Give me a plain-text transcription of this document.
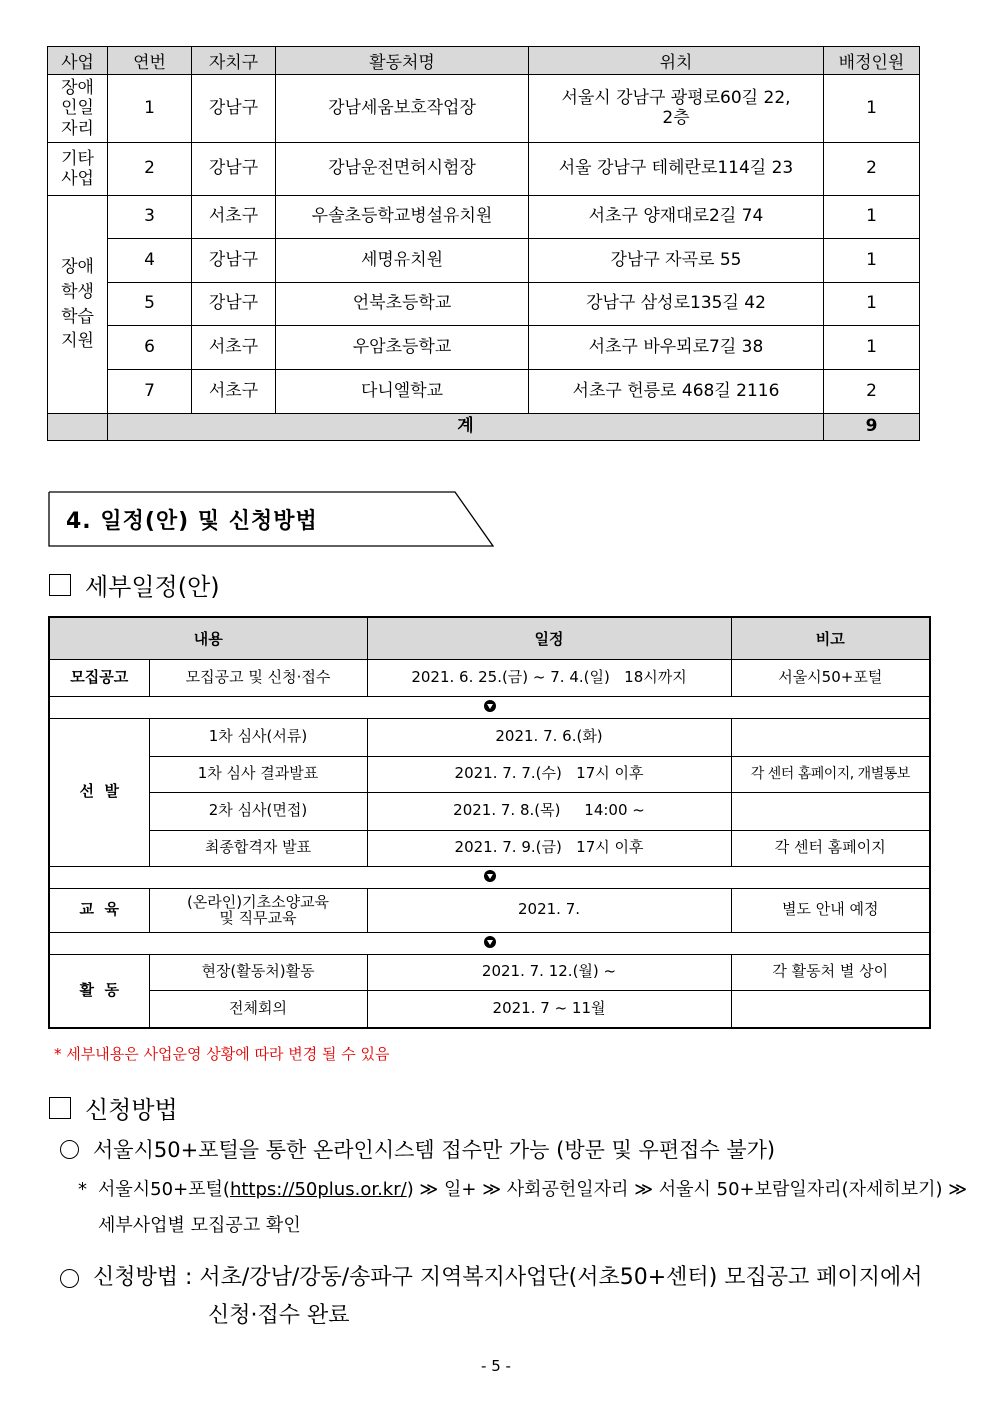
사업	연번	자치구	활동처명	위치	배정인원
장애
인일
자리	1	강남구	강남세움보호작업장	서울시 강남구 광평로60길 22, 2층	1
기타
사업	2	강남구	강남운전면허시험장	서울 강남구 테헤란로114길 23	2
장애
학생
학습
지원	3	서초구	우솔초등학교병설유치원	서초구 양재대로2길 74	1
	4	강남구	세명유치원	강남구 자곡로 55	1
	5	강남구	언북초등학교	강남구 삼성로135길 42	1
	6	서초구	우암초등학교	서초구 바우뫼로7길 38	1
	7	서초구	다니엘학교	서초구 헌릉로 468길 2116	2
	계				9
4. 일정(안) 및 신청방법
세부일정(안)
내용		일정	비고
모집공고	모집공고 및 신청·접수	2021. 6. 25.(금) ~ 7. 4.(일)   18시까지	서울시50+포털

선  발	1차 심사(서류)	2021. 7. 6.(화)	
	1차 심사 결과발표	2021. 7. 7.(수)   17시 이후	각 센터 홈페이지, 개별통보
	2차 심사(면접)	2021. 7. 8.(목)     14:00 ~	
	최종합격자 발표	2021. 7. 9.(금)   17시 이후	각 센터 홈페이지

교  육	(온라인)기초소양교육
및 직무교육	2021. 7.	별도 안내 예정

활  동	현장(활동처)활동	2021. 7. 12.(월) ~	각 활동처 별 상이
	전체회의	2021. 7 ~ 11월	
* 세부내용은 사업운영 상황에 따라 변경 될 수 있음
신청방법
서울시50+포털을 통한 온라인시스템 접수만 가능 (방문 및 우편접수 불가)
* 서울시50+포털(https://50plus.or.kr/) ≫ 일+ ≫ 사회공헌일자리 ≫ 서울시 50+보람일자리(자세히보기) ≫
세부사업별 모집공고 확인
신청방법 : 서초/강남/강동/송파구 지역복지사업단(서초50+센터) 모집공고 페이지에서
신청·접수 완료
- 5 -
